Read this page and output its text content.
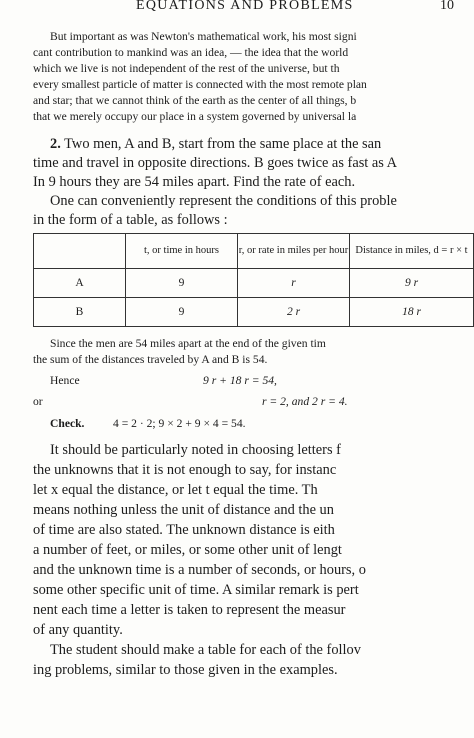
EQUATIONS AND PROBLEMS	10
But important as was Newton's mathematical work, his most signi
cant contribution to mankind was an idea, — the idea that the world
which we live is not independent of the rest of the universe, but th
every smallest particle of matter is connected with the most remote plan
and star; that we cannot think of the earth as the center of all things, b
that we merely occupy our place in a system governed by universal la
2. Two men, A and B, start from the same place at the san
time and travel in opposite directions. B goes twice as fast as A
In 9 hours they are 54 miles apart. Find the rate of each.
One can conveniently represent the conditions of this proble
in the form of a table, as follows :
	t, or time in hours	r, or rate in miles per hour	Distance in miles, d = r × t
A	9	r	9 r
B	9	2 r	18 r
Since the men are 54 miles apart at the end of the given tim
the sum of the distances traveled by A and B is 54.
Hence	9 r + 18 r = 54,
or	r = 2, and 2 r = 4.
Check. 4 = 2 · 2; 9 × 2 + 9 × 4 = 54.
It should be particularly noted in choosing letters f
the unknowns that it is not enough to say, for instanc
let x equal the distance, or let t equal the time. Th
means nothing unless the unit of distance and the un
of time are also stated. The unknown distance is eith
a number of feet, or miles, or some other unit of lengt
and the unknown time is a number of seconds, or hours, o
some other specific unit of time. A similar remark is pert
nent each time a letter is taken to represent the measur
of any quantity.
The student should make a table for each of the follov
ing problems, similar to those given in the examples.
